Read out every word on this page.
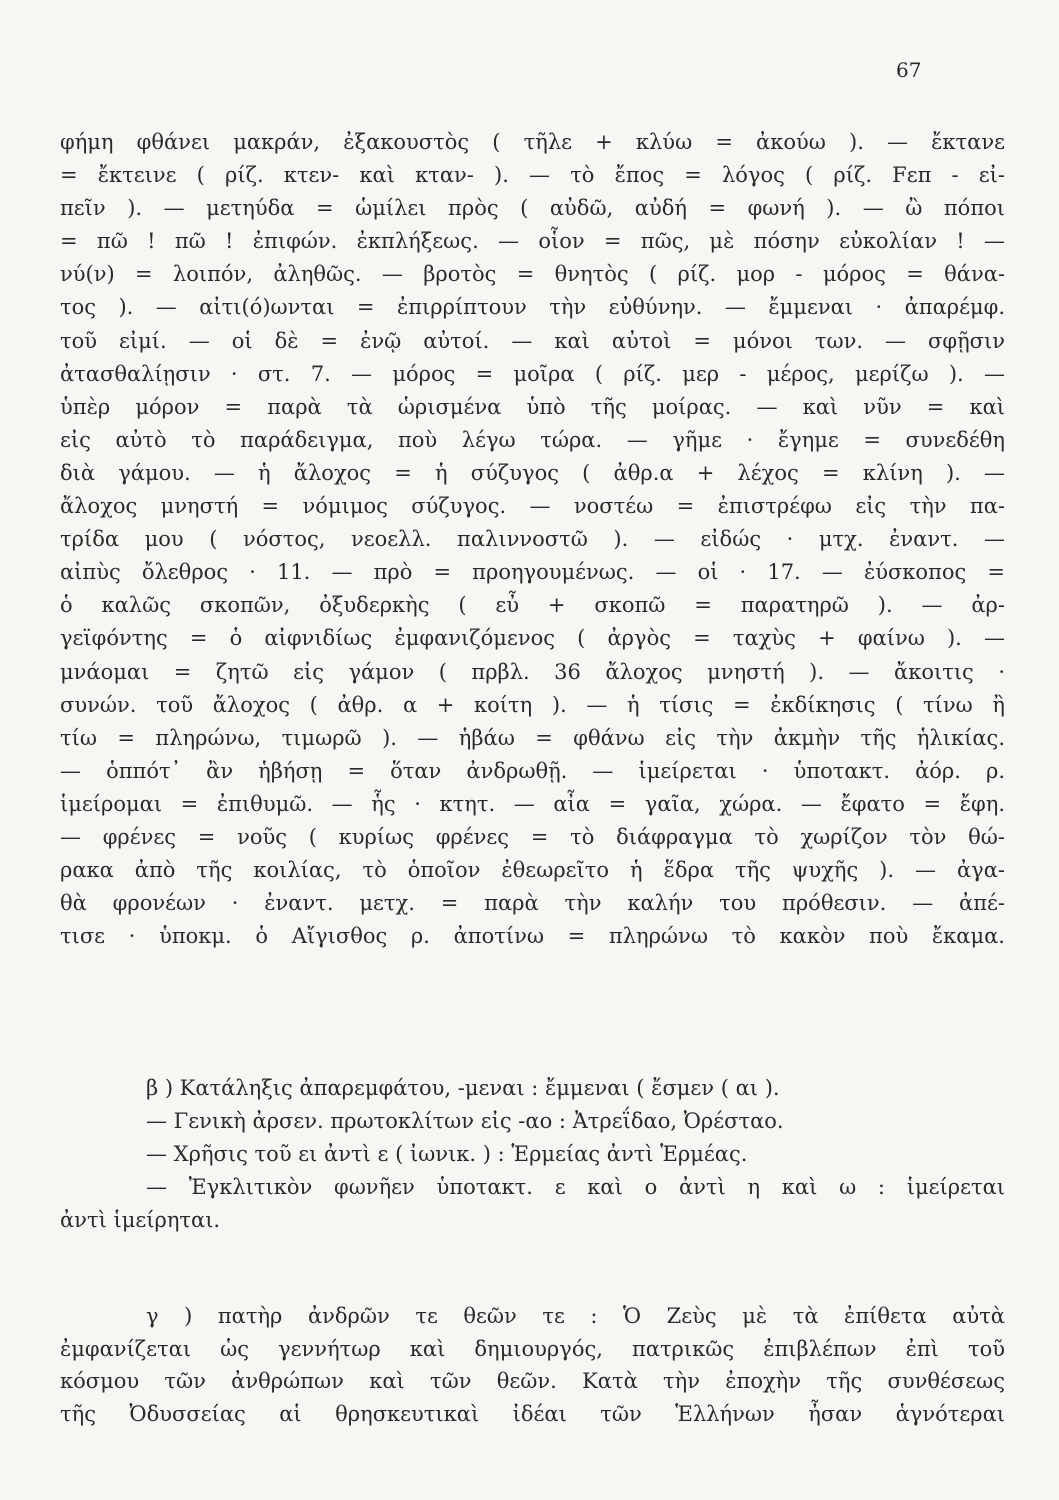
67
φήμη φθάνει μακράν, ἐξακουστὸς ( τῆλε + κλύω = ἀκούω ). — ἔκτανε
= ἔκτεινε ( ρίζ. κτεν- καὶ κταν- ). — τὸ ἔπος = λόγος ( ρίζ. Fεπ - εἰ-
πεῖν ). — μετηύδα = ὡμίλει πρὸς ( αὐδῶ, αὐδή = φωνή ). — ὢ πόποι
= πῶ ! πῶ ! ἐπιφών. ἐκπλήξεως. — οἷον = πῶς, μὲ πόσην εὐκολίαν ! —
νύ(ν) = λοιπόν, ἀληθῶς. — βροτὸς = θνητὸς ( ρίζ. μορ - μόρος = θάνα-
τος ). — αἰτι(ό)ωνται = ἐπιρρίπτουν τὴν εὐθύνην. — ἔμμεναι · ἀπαρέμφ.
τοῦ εἰμί. — οἱ δὲ = ἐνῷ αὐτοί. — καὶ αὐτοὶ = μόνοι των. — σφῇσιν
ἀτασθαλίῃσιν · στ. 7. — μόρος = μοῖρα ( ρίζ. μερ - μέρος, μερίζω ). —
ὑπὲρ μόρον = παρὰ τὰ ὡρισμένα ὑπὸ τῆς μοίρας. — καὶ νῦν = καὶ
εἰς αὐτὸ τὸ παράδειγμα, ποὺ λέγω τώρα. — γῆμε · ἔγημε = συνεδέθη
διὰ γάμου. — ἡ ἄλοχος = ἡ σύζυγος ( ἀθρ.α + λέχος = κλίνη ). —
ἄλοχος μνηστή = νόμιμος σύζυγος. — νοστέω = ἐπιστρέφω εἰς τὴν πα-
τρίδα μου ( νόστος, νεοελλ. παλιννοστῶ ). — εἰδώς · μτχ. ἐναντ. —
αἰπὺς ὄλεθρος · 11. — πρὸ = προηγουμένως. — οἱ · 17. — ἐύσκοπος =
ὁ καλῶς σκοπῶν, ὀξυδερκὴς ( εὖ + σκοπῶ = παρατηρῶ ). — ἀρ-
γεϊφόντης = ὁ αἰφνιδίως ἐμφανιζόμενος ( ἀργὸς = ταχὺς + φαίνω ). —
μνάομαι = ζητῶ εἰς γάμον ( πρβλ. 36 ἄλοχος μνηστή ). — ἄκοιτις ·
συνών. τοῦ ἄλοχος ( ἀθρ. α + κοίτη ). — ἡ τίσις = ἐκδίκησις ( τίνω ἢ
τίω = πληρώνω, τιμωρῶ ). — ἡβάω = φθάνω εἰς τὴν ἀκμὴν τῆς ἡλικίας.
— ὁππότ᾽ ἂν ἡβήσῃ = ὅταν ἀνδρωθῇ. — ἱμείρεται · ὑποτακτ. ἀόρ. ρ.
ἱμείρομαι = ἐπιθυμῶ. — ἧς · κτητ. — αἶα = γαῖα, χώρα. — ἔφατο = ἔφη.
— φρένες = νοῦς ( κυρίως φρένες = τὸ διάφραγμα τὸ χωρίζον τὸν θώ-
ρακα ἀπὸ τῆς κοιλίας, τὸ ὁποῖον ἐθεωρεῖτο ἡ ἕδρα τῆς ψυχῆς ). — ἀγα-
θὰ φρονέων · ἐναντ. μετχ. = παρὰ τὴν καλήν του πρόθεσιν. — ἀπέ-
τισε · ὑποκμ. ὁ Αἴγισθος ρ. ἀποτίνω = πληρώνω τὸ κακὸν ποὺ ἔκαμα.
β ) Κατάληξις ἀπαρεμφάτου, -μεναι : ἔμμεναι ( ἔσμεν ( αι ).
— Γενικὴ ἀρσεν. πρωτοκλίτων εἰς -αο : Ἀτρεΐδαο, Ὀρέσταο.
— Χρῆσις τοῦ ει ἀντὶ ε ( ἰωνικ. ) : Ἑρμείας ἀντὶ Ἑρμέας.
— Ἐγκλιτικὸν φωνῆεν ὑποτακτ. ε καὶ ο ἀντὶ η καὶ ω : ἱμείρεται
ἀντὶ ἱμείρηται.
γ ) πατὴρ ἀνδρῶν τε θεῶν τε : Ὁ Ζεὺς μὲ τὰ ἐπίθετα αὐτὰ
ἐμφανίζεται ὡς γεννήτωρ καὶ δημιουργός, πατρικῶς ἐπιβλέπων ἐπὶ τοῦ
κόσμου τῶν ἀνθρώπων καὶ τῶν θεῶν. Κατὰ τὴν ἐποχὴν τῆς συνθέσεως
τῆς Ὀδυσσείας αἱ θρησκευτικαὶ ἰδέαι τῶν Ἑλλήνων ἦσαν ἁγνότεραι
